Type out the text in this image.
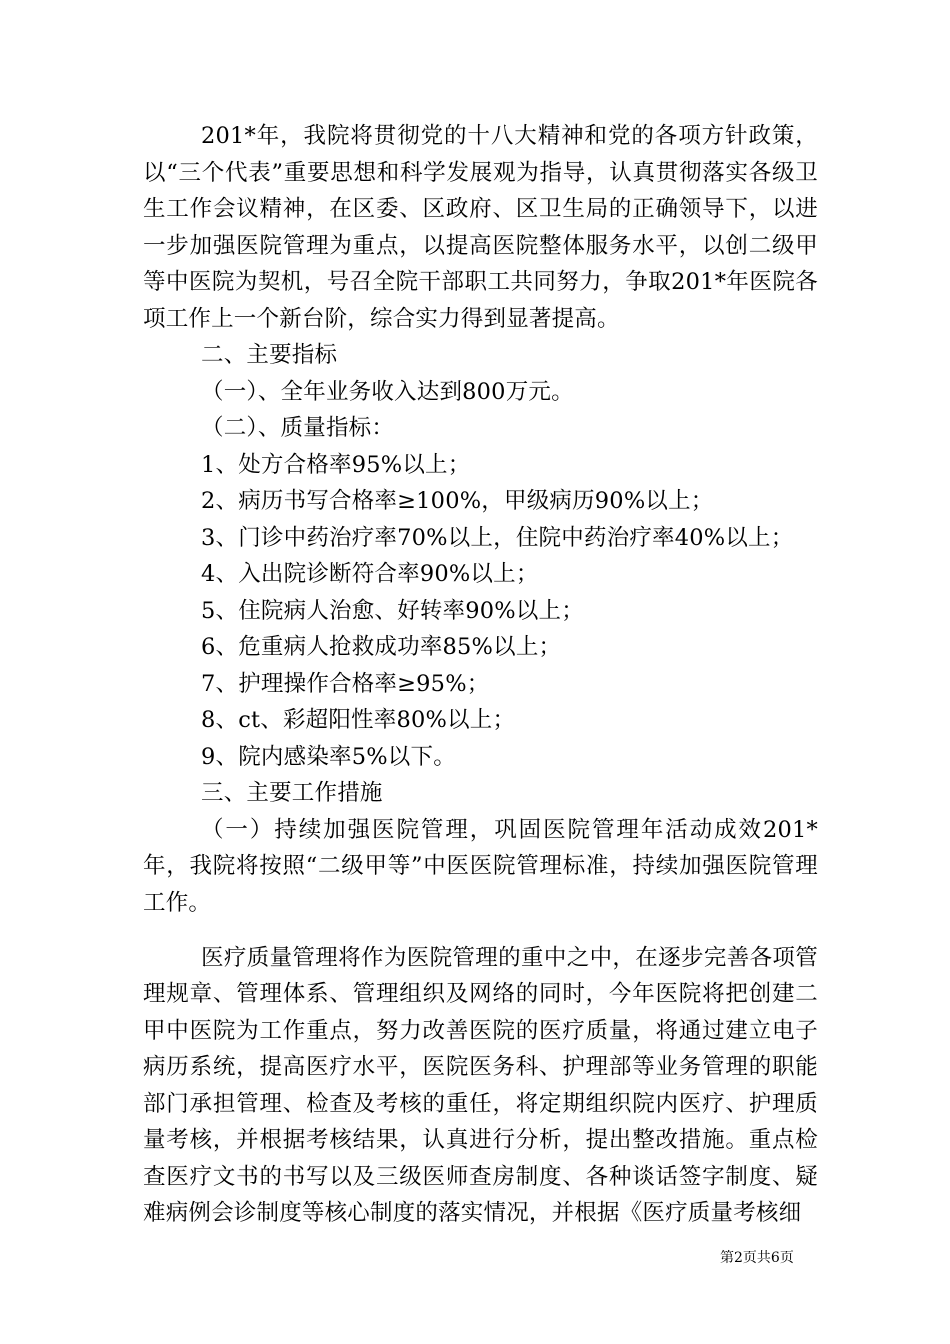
201*年，我院将贯彻党的十八大精神和党的各项方针政策，以“三个代表”重要思想和科学发展观为指导，认真贯彻落实各级卫生工作会议精神，在区委、区政府、区卫生局的正确领导下，以进一步加强医院管理为重点，以提高医院整体服务水平，以创二级甲等中医院为契机，号召全院干部职工共同努力，争取201*年医院各项工作上一个新台阶，综合实力得到显著提高。

二、主要指标

（一）、全年业务收入达到800万元。

（二）、质量指标：

1、处方合格率95%以上；

2、病历书写合格率≥100%，甲级病历90%以上；

3、门诊中药治疗率70%以上，住院中药治疗率40%以上；

4、入出院诊断符合率90%以上；

5、住院病人治愈、好转率90%以上；

6、危重病人抢救成功率85%以上；

7、护理操作合格率≥95%；

8、ct、彩超阳性率80%以上；

9、院内感染率5%以下。

三、主要工作措施

（一）持续加强医院管理，巩固医院管理年活动成效201*年，我院将按照“二级甲等”中医医院管理标准，持续加强医院管理工作。

医疗质量管理将作为医院管理的重中之中，在逐步完善各项管理规章、管理体系、管理组织及网络的同时，今年医院将把创建二甲中医院为工作重点，努力改善医院的医疗质量，将通过建立电子病历系统，提高医疗水平，医院医务科、护理部等业务管理的职能部门承担管理、检查及考核的重任，将定期组织院内医疗、护理质量考核，并根据考核结果，认真进行分析，提出整改措施。重点检查医疗文书的书写以及三级医师查房制度、各种谈话签字制度、疑难病例会诊制度等核心制度的落实情况，并根据《医疗质量考核细

第2页共6页
